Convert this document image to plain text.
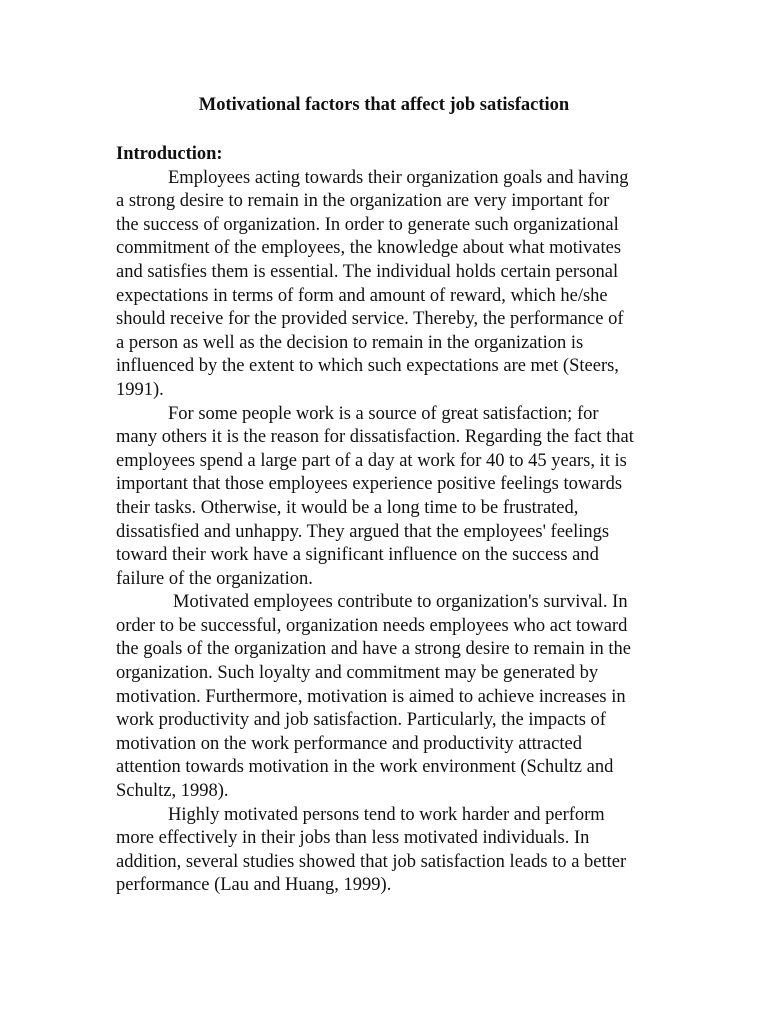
Motivational factors that affect job satisfaction

Introduction:

Employees acting towards their organization goals and having a strong desire to remain in the organization are very important for the success of organization. In order to generate such organizational commitment of the employees, the knowledge about what motivates and satisfies them is essential. The individual holds certain personal expectations in terms of form and amount of reward, which he/she should receive for the provided service. Thereby, the performance of a person as well as the decision to remain in the organization is influenced by the extent to which such expectations are met (Steers, 1991).

For some people work is a source of great satisfaction; for many others it is the reason for dissatisfaction. Regarding the fact that employees spend a large part of a day at work for 40 to 45 years, it is important that those employees experience positive feelings towards their tasks. Otherwise, it would be a long time to be frustrated, dissatisfied and unhappy. They argued that the employees' feelings toward their work have a significant influence on the success and failure of the organization.

Motivated employees contribute to organization's survival. In order to be successful, organization needs employees who act toward the goals of the organization and have a strong desire to remain in the organization. Such loyalty and commitment may be generated by motivation. Furthermore, motivation is aimed to achieve increases in work productivity and job satisfaction. Particularly, the impacts of motivation on the work performance and productivity attracted attention towards motivation in the work environment (Schultz and Schultz, 1998).

Highly motivated persons tend to work harder and perform more effectively in their jobs than less motivated individuals. In addition, several studies showed that job satisfaction leads to a better performance (Lau and Huang, 1999).
